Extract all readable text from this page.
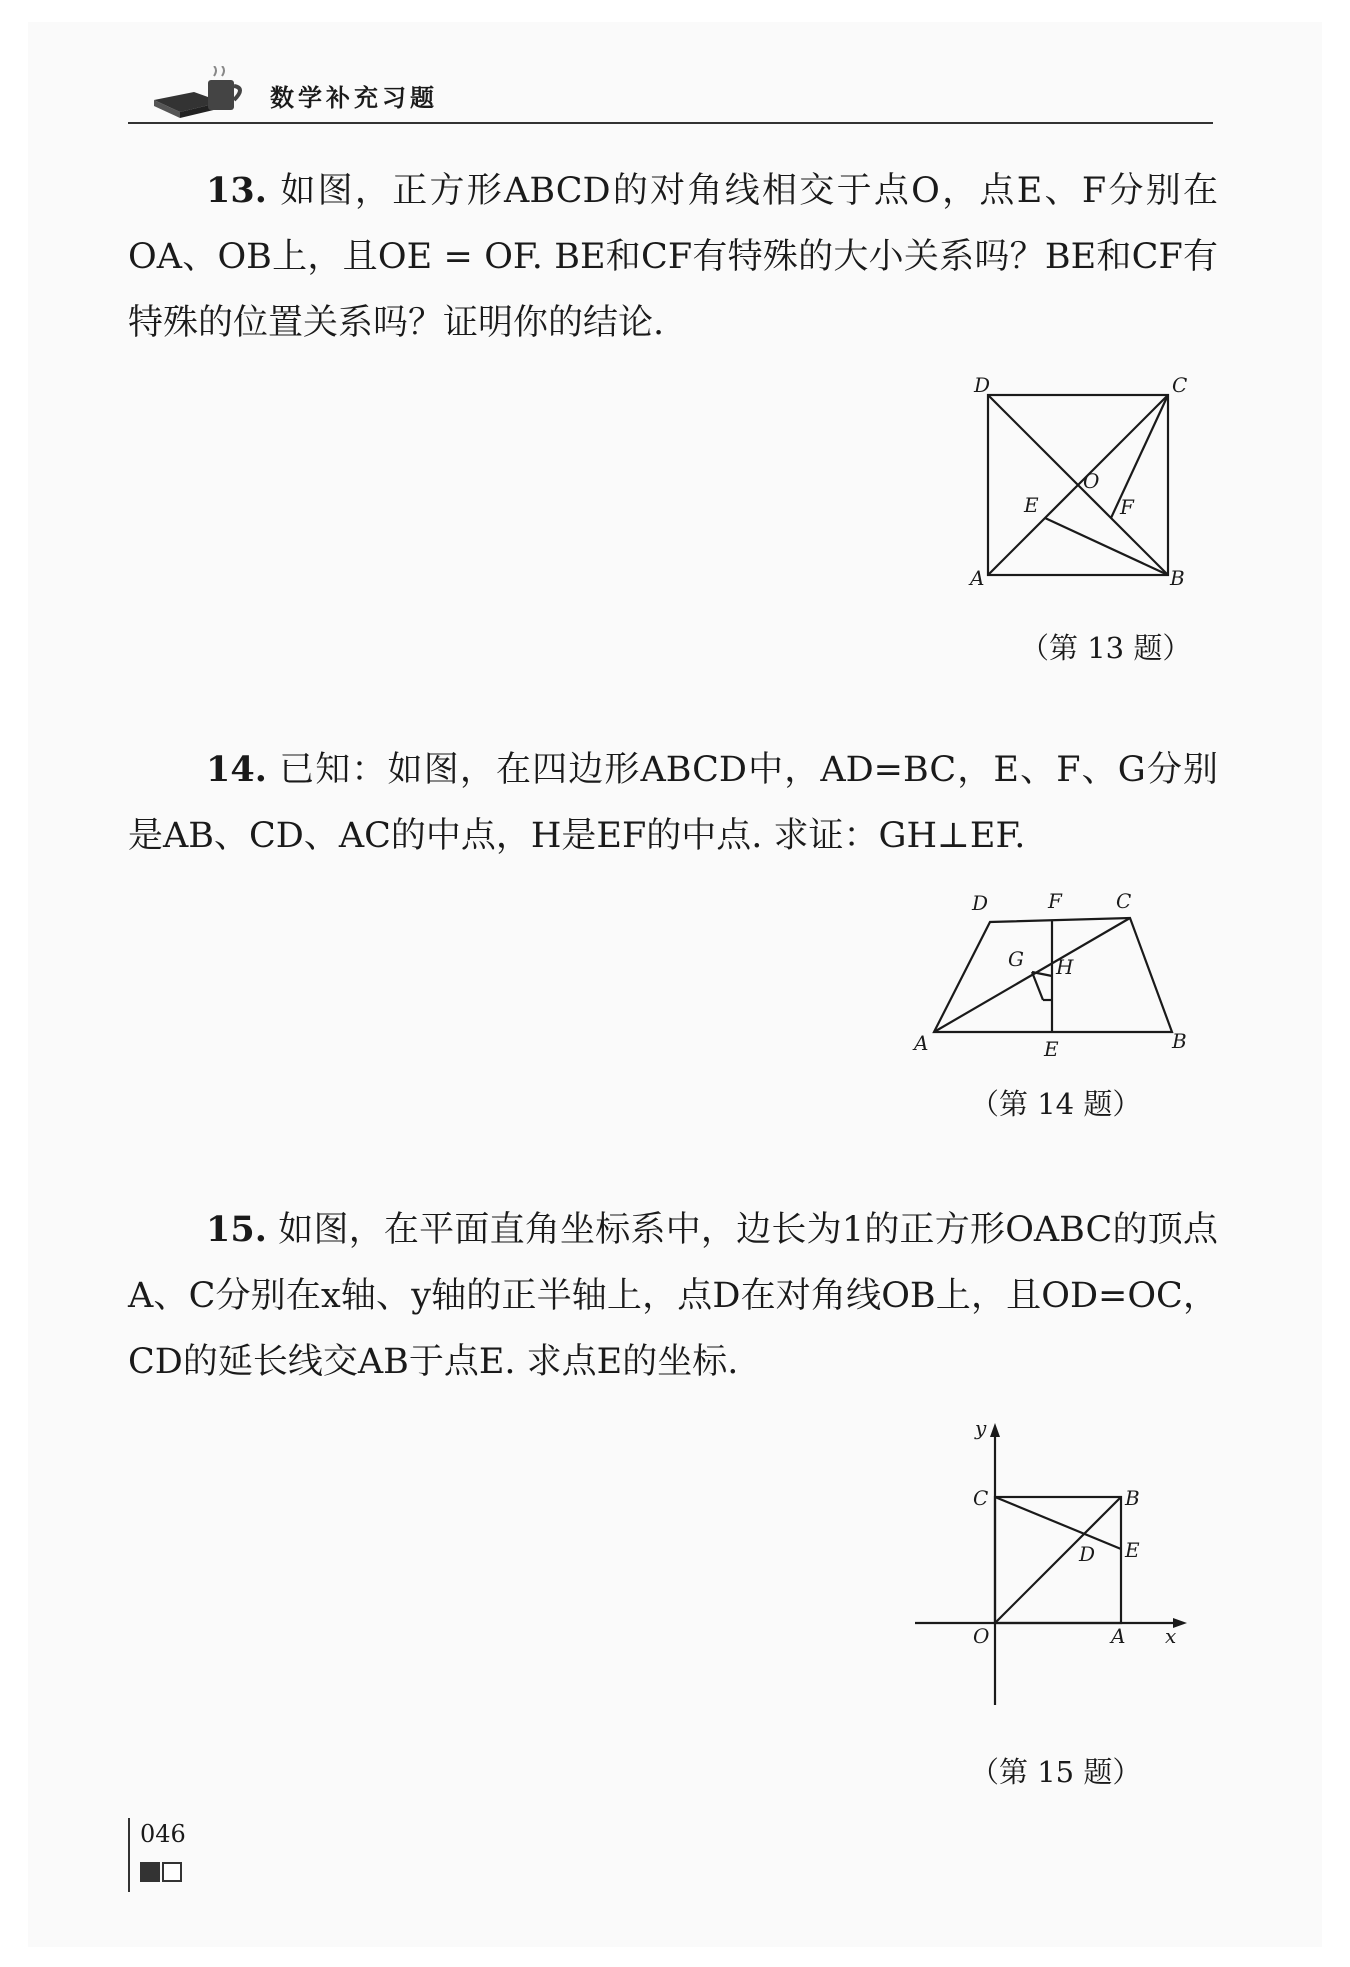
数学补充习题

13. 如图，正方形ABCD的对角线相交于点O，点E、F分别在OA、OB上，且OE = OF. BE和CF有特殊的大小关系吗？BE和CF有特殊的位置关系吗？证明你的结论.

D	C
O
E	F
A	B
（第 13 题）

14. 已知：如图，在四边形ABCD中，AD=BC，E、F、G分别是AB、CD、AC的中点，H是EF的中点. 求证：GH⊥EF.

D	F	C
G H
A	E	B
（第 14 题）

15. 如图，在平面直角坐标系中，边长为1的正方形OABC的顶点A、C分别在x轴、y轴的正半轴上，点D在对角线OB上，且OD=OC，CD的延长线交AB于点E. 求点E的坐标.

y
C	B
D E
O	A x
（第 15 题）
046
